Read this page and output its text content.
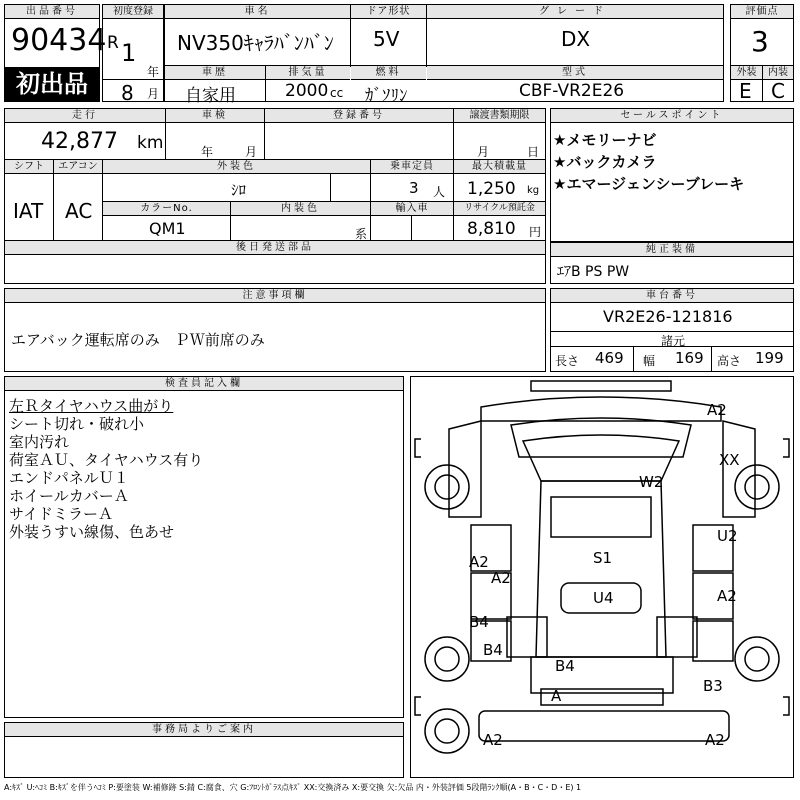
出品番号
90434
初出品
初度登録
R 1
年
8 月
車名
NV350ｷｬﾗﾊﾞﾝﾊﾞﾝ
ドア形状
5V
グレード
DX
車歴
自家用
排気量
2000 cc
燃料
ｶﾞｿﾘﾝ
型式
CBF-VR2E26
評価点
3
外装	内装
E C
走行
42,877 km
車検
年	月
登録番号	譲渡書類期限
月	日
シフト
IAT
エアコン
AC
外装色
ｼﾛ
乗車定員
3 人
最大積載量
1,250 kg
カラーNo.
QM1
内装色
系
輸入車	リサイクル預託金
8,810 円
後日発送部品
セールスポイント
★メモリーナビ
★バックカメラ
★エマージェンシーブレーキ
純正装備
ｴｱB PS PW
注意事項欄
エアバック運転席のみ　ＰＷ前席のみ
車台番号
VR2E26-121816
諸元
長さ 469 幅 169 高さ 199
検査員記入欄
左Ｒタイヤハウス曲がり
シート切れ・破れ小
室内汚れ
荷室ＡＵ、タイヤハウス有り
エンドパネルＵ１
ホイールカバーＡ
サイドミラーＡ
外装うすい線傷、色あせ
事務局よりご案内
A2
XX
W2
U2
A2	S1
A2
A2
U4
B4
B4
B4
B3
A
A2	A2
A:ｷｽﾞ U:ﾍｺﾐ B:ｷｽﾞを伴うﾍｺﾐ P:要塗装 W:補修跡 S:錆 C:腐食、穴 G:ﾌﾛﾝﾄｶﾞﾗｽ点ｷｽﾞ XX:交換済み X:要交換 欠:欠品 内・外装評価 5段階ﾗﾝｸ順(A・B・C・D・E) 1
